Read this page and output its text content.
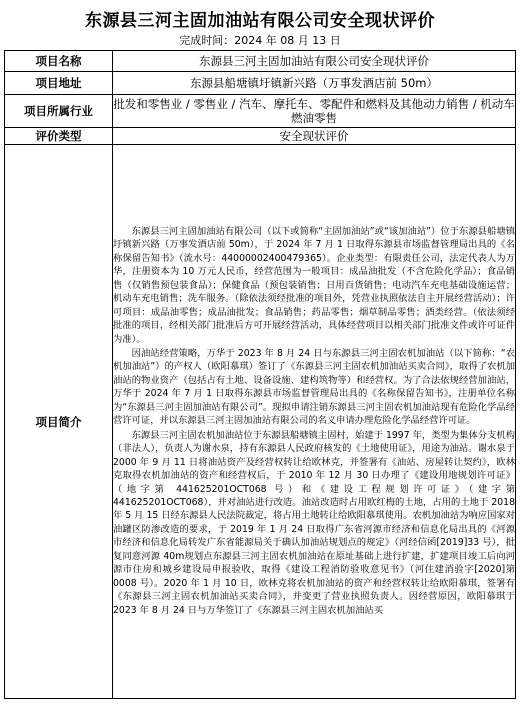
东源县三河主固加油站有限公司安全现状评价
完成时间：2024 年 08 月 13 日
项目名称	东源县三河主固加油站有限公司安全现状评价
项目地址	东源县船塘镇圩镇新兴路（万事发酒店前 50m）
项目所属行业	批发和零售业 / 零售业 / 汽车、摩托车、零配件和燃料及其他动力销售 / 机动车燃油零售
评价类型	安全现状评价
项目简介	东源县三河主固加油站有限公司（以下或简称“主固加油站”或“该加油站”）位于东源县船塘镇圩镇新兴路（万事发酒店前 50m），于 2024 年 7 月 1 日取得东源县市场监督管理局出具的《名称保留告知书》（流水号：44000002400479365）。企业类型：有限责任公司，法定代表人为万华，注册资本为 10 万元人民币，经营范围为一般项目：成品油批发（不含危险化学品）；食品销售（仅销售预包装食品）；保健食品（预包装销售；日用百货销售；电动汽车充电基础设施运营；机动车充电销售；洗车服务。（除依法须经批准的项目外，凭营业执照依法自主开展经营活动）；许可项目：成品油零售；成品油批发；食品销售；药品零售；烟草制品零售；酒类经营。（依法须经批准的项目，经相关部门批准后方可开展经营活动，具体经营项目以相关部门批准文件或许可证件为准）。

因油站经营策略，万华于 2023 年 8 月 24 日与东源县三河主固农机加油站（以下简称：“农机加油站”）的产权人（欧阳慕琪）签订了《东源县三河主固农机加油站买卖合同》，取得了农机加油站的物业资产（包括占有土地、设备设施、建构筑物等）和经营权。为了合法依规经营加油站，万华于 2024 年 7 月 1 日取得东源县市场监督管理局出具的《名称保留告知书》，注册单位名称为“东源县三河主固加油站有限公司”。现拟申请注销东源县三河主固农机加油站现有危险化学品经营许可证，并以东源县三河主固加油站有限公司的名义申请办理危险化学品经营许可证。

东源县三河主固农机加油站位于东源县船塘镇主固村，始建于 1997 年，类型为集体分支机构（非法人），负责人为谢水泉，持有东源县人民政府核发的《土地使用证》，用途为油站。谢水泉于 2000 年 9 月 11 日将油站资产及经营权转让给欧林克，并签署有《油站、房屋转让契约》，欧林克取得农机加油站的资产和经营权后，于 2010 年 12 月 30 日办理了《建设用地规划许可证》（地字第 441625201OCT068 号）和《建设工程规划许可证》（建字第 441625201OCT068），并对油站进行改造。油站改造时占用欧红梅的土地，占用的土地于 2018 年 5 月 15 日经东源县人民法院裁定，将占用土地转让给欧阳慕琪使用。农机加油站为响应国家对油罐区防渗改造的要求，于 2019 年 1 月 24 日取得广东省河源市经济和信息化局出具的《河源市经济和信息化局转发广东省能源局关于确认加油站规划点的规定》（河经信函[2019]33 号），批复同意河源 40m规划点东源县三河主固农机加油站在原址基础上进行扩建，扩建项目竣工后向河源市住房和城乡建设局申报验收，取得《建设工程消防验收意见书》（河住建消验字[2020]第 0008 号）。2020 年 1 月 10 日，欧林克将农机加油站的资产和经营权转让给欧阳慕琪，签署有《东源县三河主固农机加油站买卖合同》，并变更了营业执照负责人。因经营原因，欧阳慕琪于 2023 年 8 月 24 日与万华签订了《东源县三河主固农机加油站买
